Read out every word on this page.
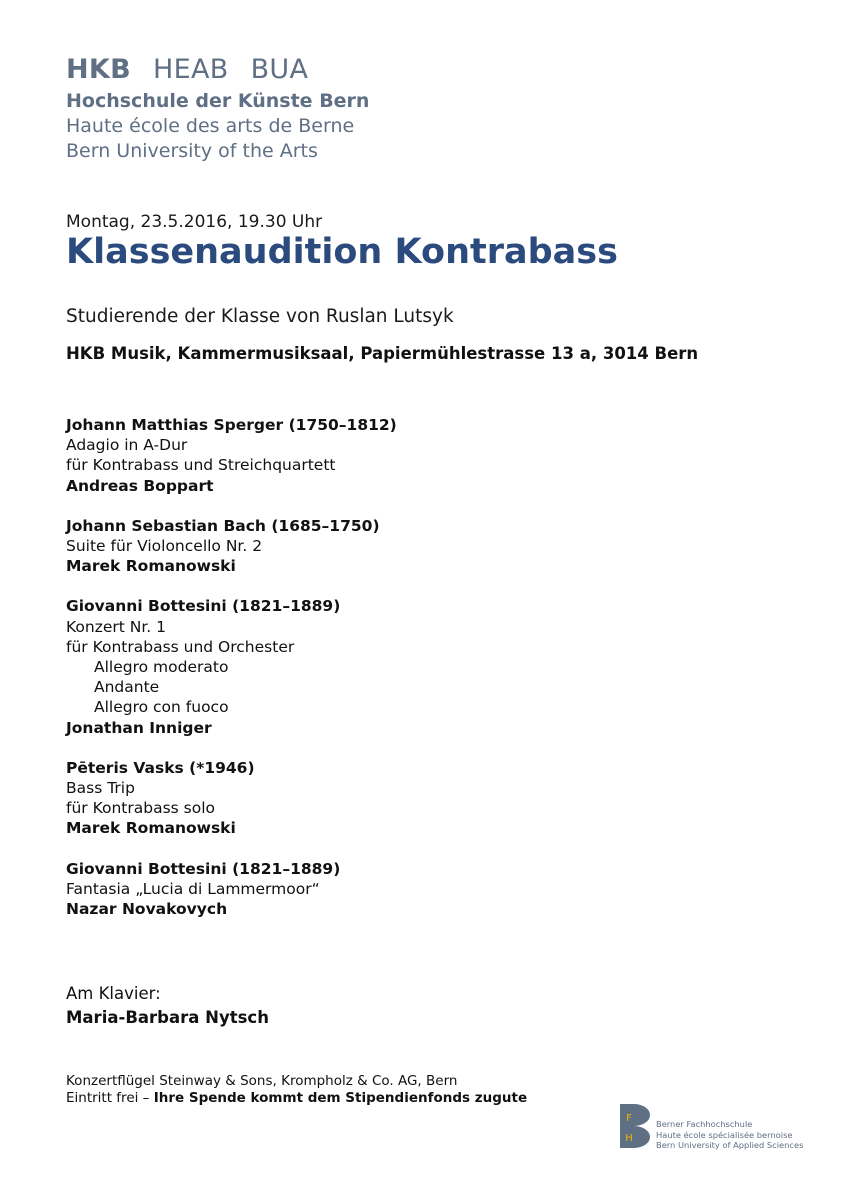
HKB HEAB BUA
Hochschule der Künste Bern
Haute école des arts de Berne
Bern University of the Arts
Montag, 23.5.2016, 19.30 Uhr
Klassenaudition Kontrabass
Studierende der Klasse von Ruslan Lutsyk
HKB Musik, Kammermusiksaal, Papiermühlestrasse 13 a, 3014 Bern
Johann Matthias Sperger (1750–1812)
Adagio in A-Dur
für Kontrabass und Streichquartett
Andreas Boppart
Johann Sebastian Bach (1685–1750)
Suite für Violoncello Nr. 2
Marek Romanowski
Giovanni Bottesini (1821–1889)
Konzert Nr. 1
für Kontrabass und Orchester
Allegro moderato
Andante
Allegro con fuoco
Jonathan Inniger
Pēteris Vasks (*1946)
Bass Trip
für Kontrabass solo
Marek Romanowski
Giovanni Bottesini (1821–1889)
Fantasia „Lucia di Lammermoor“
Nazar Novakovych
Am Klavier:
Maria-Barbara Nytsch
Konzertflügel Steinway & Sons, Krompholz & Co. AG, Bern
Eintritt frei – Ihre Spende kommt dem Stipendienfonds zugute
F
H
Berner Fachhochschule
Haute école spécialisée bernoise
Bern University of Applied Sciences
